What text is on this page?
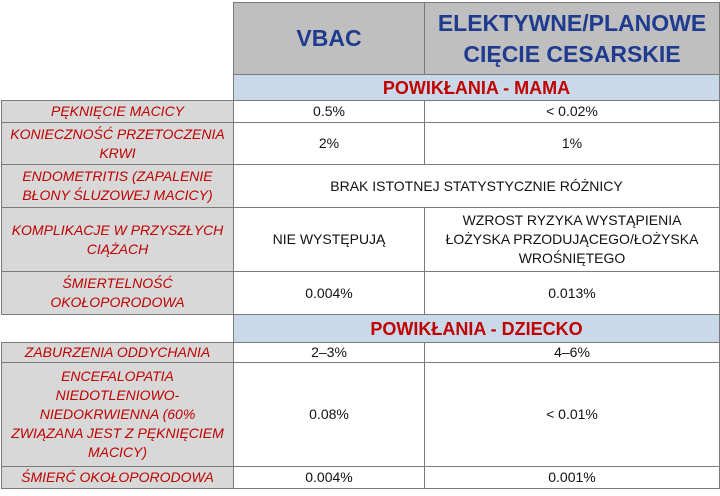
	VBAC	ELEKTYWNE/PLANOWE CIĘCIE CESARSKIE
	POWIKŁANIA - MAMA	
PĘKNIĘCIE MACICY	0.5%	< 0.02%
KONIECZNOŚĆ PRZETOCZENIA KRWI	2%	1%
ENDOMETRITIS (ZAPALENIE BŁONY ŚLUZOWEJ MACICY)	BRAK ISTOTNEJ STATYSTYCZNIE RÓŻNICY	
KOMPLIKACJE W PRZYSZŁYCH CIĄŻACH	NIE WYSTĘPUJĄ	WZROST RYZYKA WYSTĄPIENIA ŁOŻYSKA PRZODUJĄCEGO/ŁOŻYSKA WROŚNIĘTEGO
ŚMIERTELNOŚĆ OKOŁOPORODOWA	0.004%	0.013%
	POWIKŁANIA - DZIECKO	
ZABURZENIA ODDYCHANIA	2–3%	4–6%
ENCEFALOPATIA NIEDOTLENIOWO-NIEDOKRWIENNA (60% ZWIĄZANA JEST Z PĘKNIĘCIEM MACICY)	0.08%	< 0.01%
ŚMIERĆ OKOŁOPORODOWA	0.004%	0.001%
